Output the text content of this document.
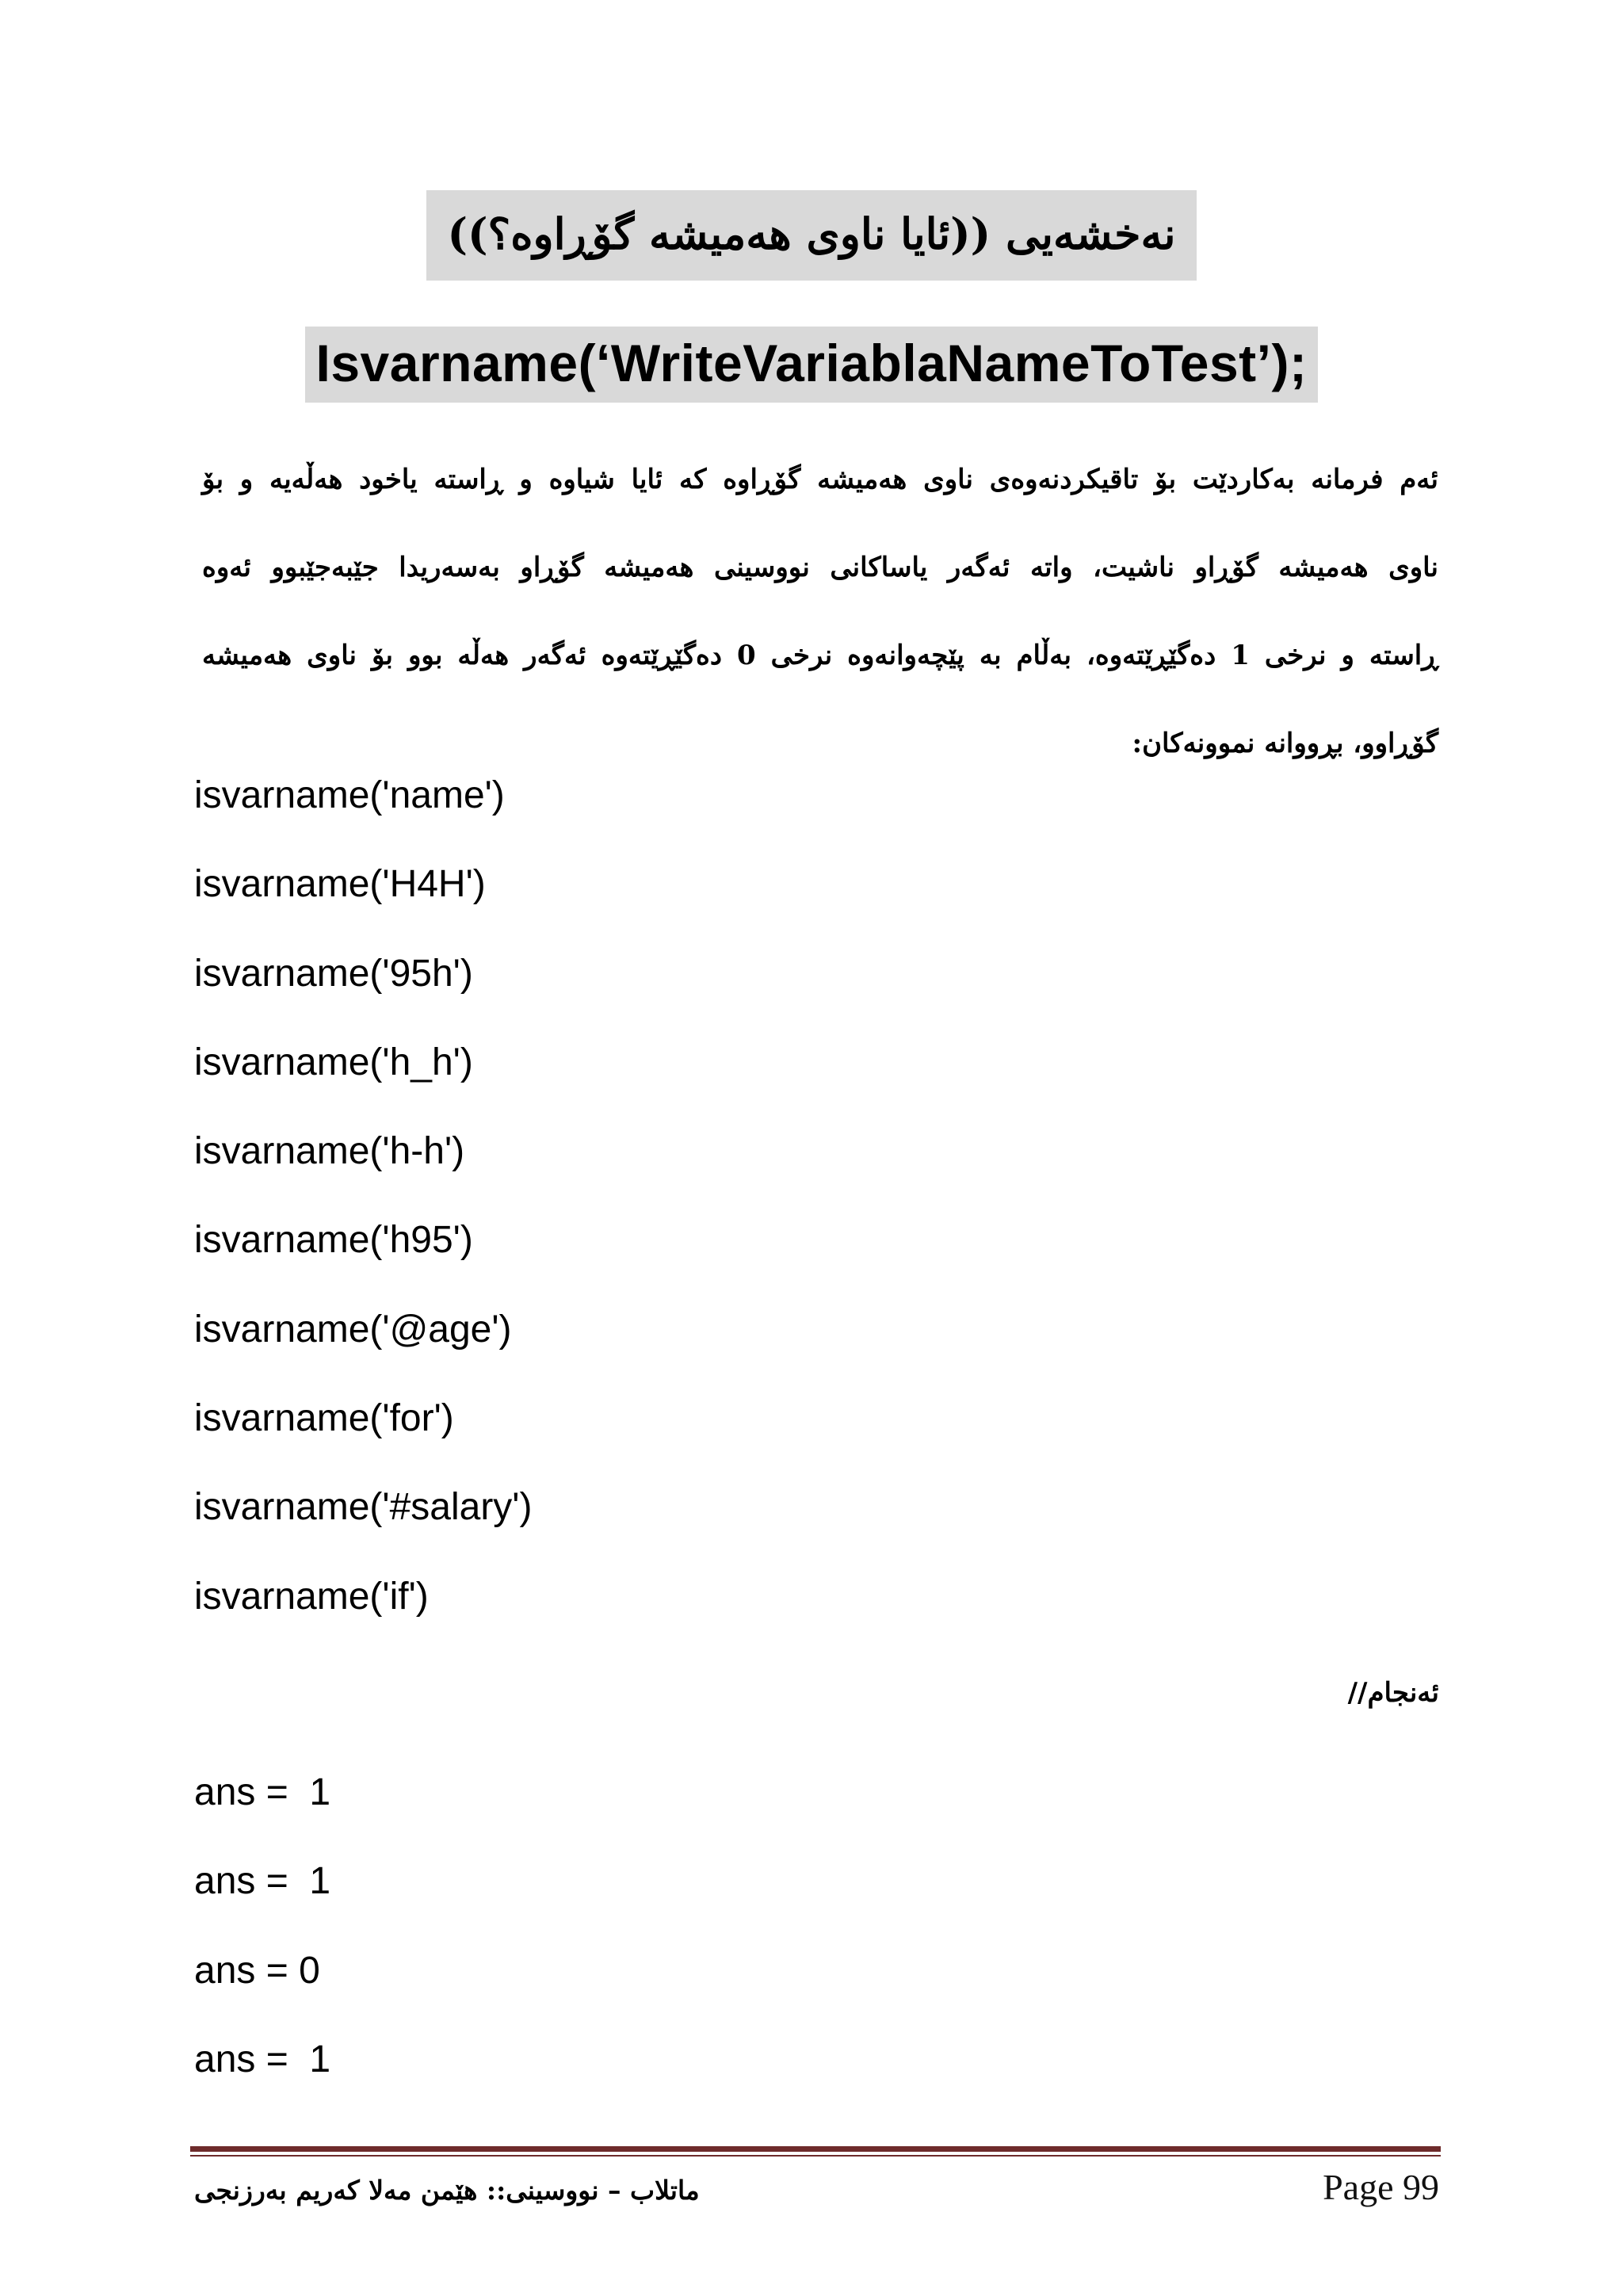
نەخشەیی ((ئایا ناوی هەمیشە گۆڕاوە؟))
Isvarname(‘WriteVariablaNameToTest’);
ئەم فرمانە بەکاردێت بۆ تاقیکردنەوەی ناوی هەمیشە گۆڕاوە کە ئایا شیاوە و ڕاستە یاخود هەڵەیە و بۆ
ناوی هەمیشە گۆڕاو ناشیت، واتە ئەگەر یاساکانی نووسینی هەمیشە گۆڕاو بەسەریدا جێبەجێبوو ئەوە
ڕاستە و نرخی 1 دەگێڕێتەوە، بەڵام بە پێچەوانەوە نرخی 0 دەگێڕێتەوە ئەگەر هەڵە بوو بۆ ناوی هەمیشە
گۆڕاوو، بڕووانە نموونەکان:
isvarname('name')
isvarname('H4H')
isvarname('95h')
isvarname('h_h')
isvarname('h-h')
isvarname('h95')
isvarname('@age')
isvarname('for')
isvarname('#salary')
isvarname('if')
ئەنجام//
ans =  1
ans =  1
ans = 0
ans =  1
ماتلاب – نووسینی:: هێمن مەلا کەریم بەرزنجی	Page 99
